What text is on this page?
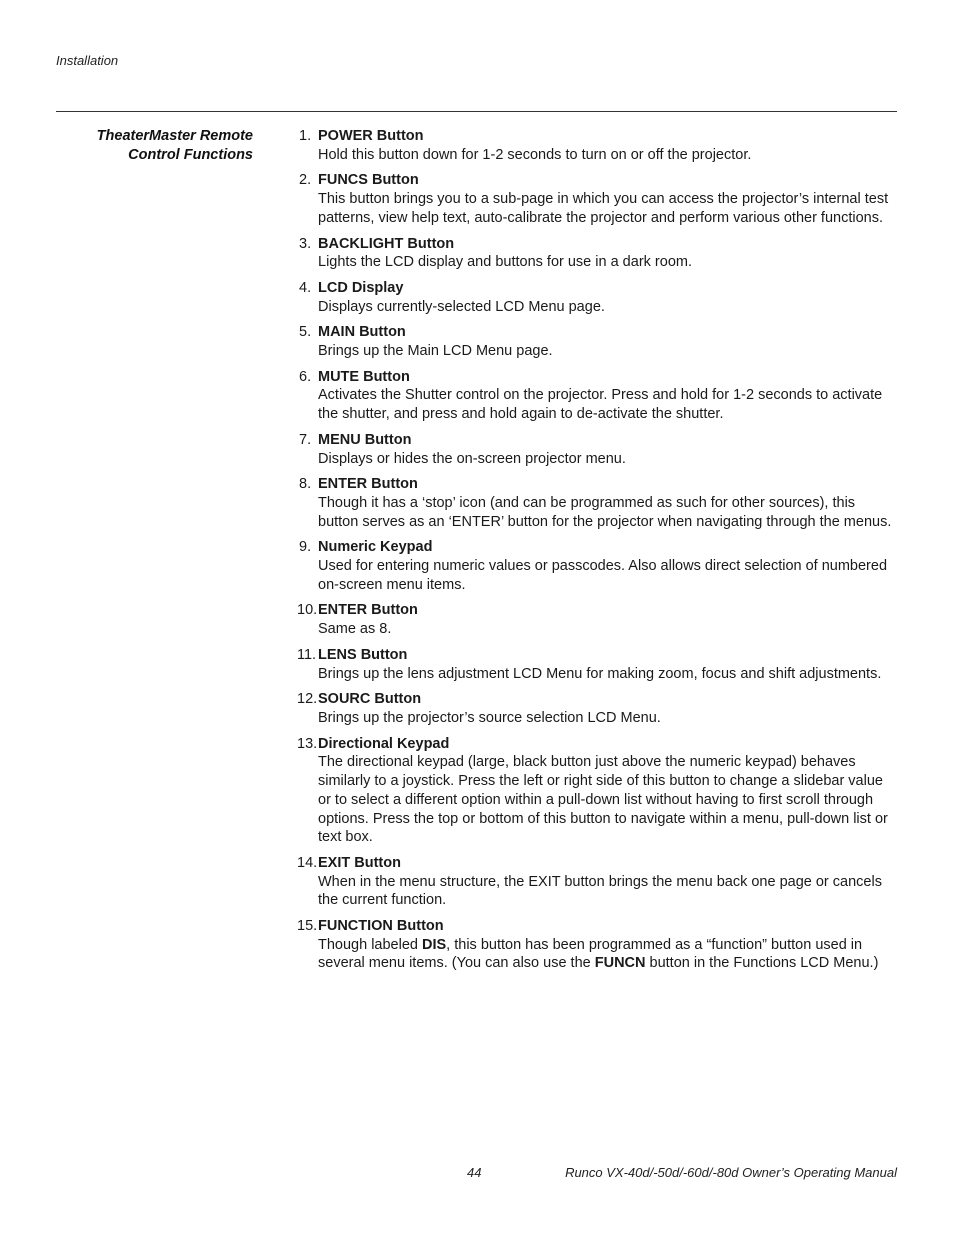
Installation
TheaterMaster Remote
Control Functions
1. POWER Button
Hold this button down for 1-2 seconds to turn on or off the projector.
2. FUNCS Button
This button brings you to a sub-page in which you can access the projector’s internal test patterns, view help text, auto-calibrate the projector and perform various other functions.
3. BACKLIGHT Button
Lights the LCD display and buttons for use in a dark room.
4. LCD Display
Displays currently-selected LCD Menu page.
5. MAIN Button
Brings up the Main LCD Menu page.
6. MUTE Button
Activates the Shutter control on the projector. Press and hold for 1-2 seconds to activate the shutter, and press and hold again to de-activate the shutter.
7. MENU Button
Displays or hides the on-screen projector menu.
8. ENTER Button
Though it has a ‘stop’ icon (and can be programmed as such for other sources), this button serves as an ‘ENTER’ button for the projector when navigating through the menus.
9. Numeric Keypad
Used for entering numeric values or passcodes. Also allows direct selection of numbered on-screen menu items.
10. ENTER Button
Same as 8.
11. LENS Button
Brings up the lens adjustment LCD Menu for making zoom, focus and shift adjustments.
12. SOURC Button
Brings up the projector’s source selection LCD Menu.
13. Directional Keypad
The directional keypad (large, black button just above the numeric keypad) behaves similarly to a joystick. Press the left or right side of this button to change a slidebar value or to select a different option within a pull-down list without having to first scroll through options. Press the top or bottom of this button to navigate within a menu, pull-down list or text box.
14. EXIT Button
When in the menu structure, the EXIT button brings the menu back one page or cancels the current function.
15. FUNCTION Button
Though labeled DIS, this button has been programmed as a “function” button used in several menu items. (You can also use the FUNCN button in the Functions LCD Menu.)
44	Runco VX-40d/-50d/-60d/-80d Owner’s Operating Manual
